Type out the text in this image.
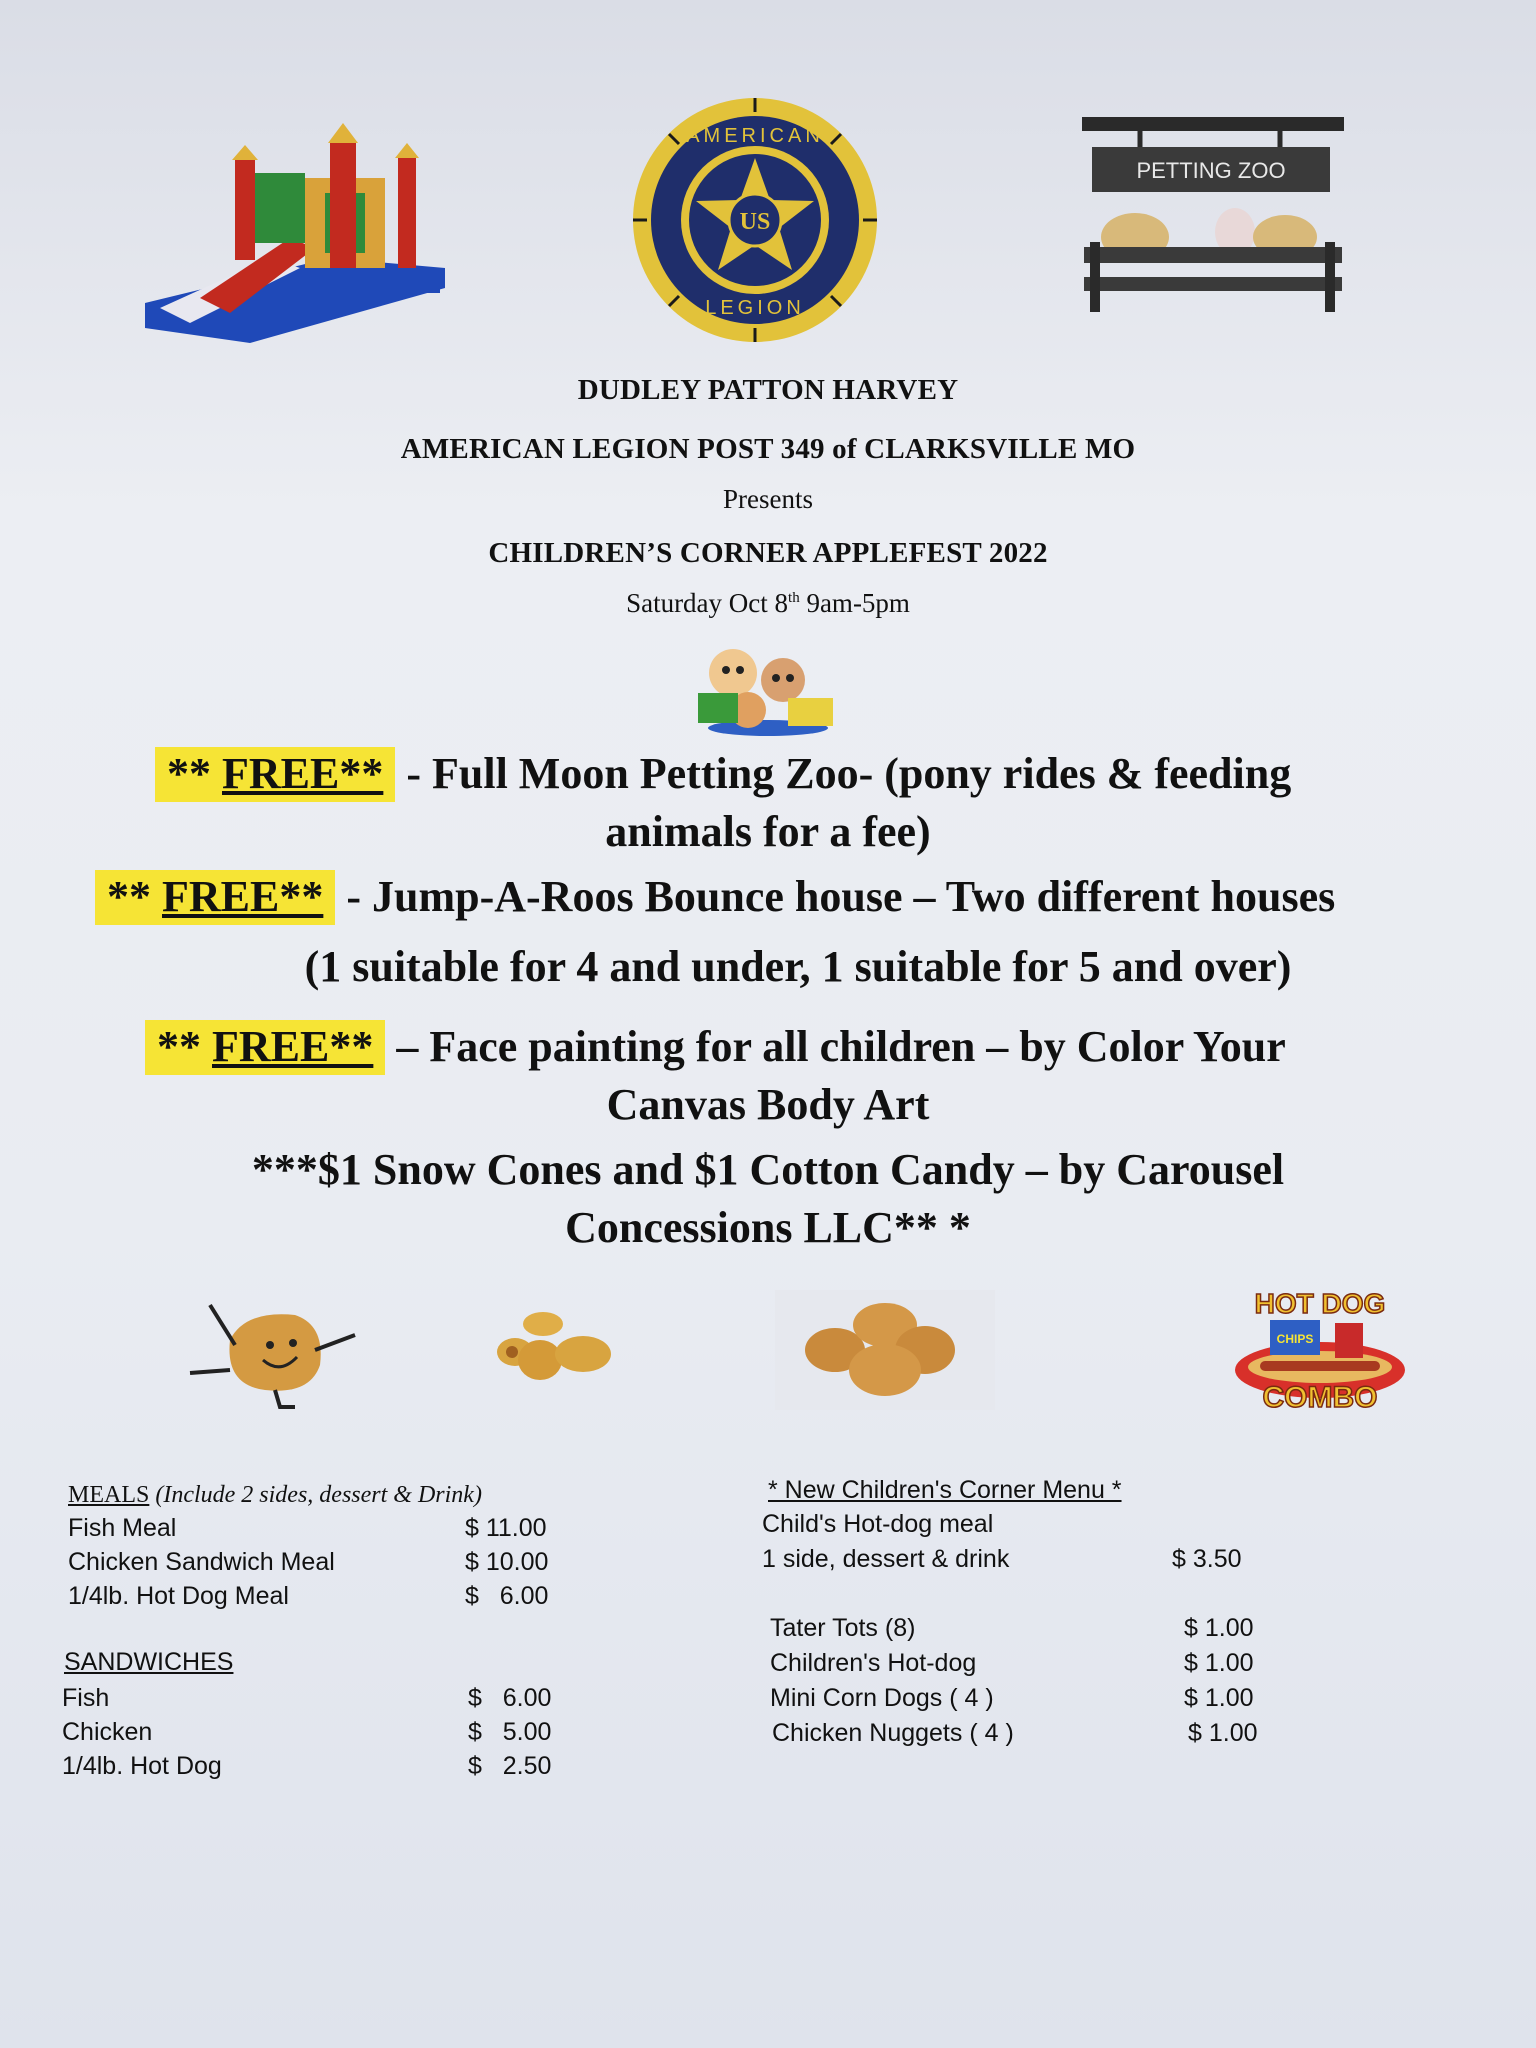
US
AMERICAN
LEGION
PETTING ZOO
DUDLEY PATTON HARVEY
AMERICAN LEGION POST 349 of CLARKSVILLE MO
Presents
CHILDREN’S CORNER APPLEFEST 2022
Saturday Oct 8th 9am-5pm
** FREE** - Full Moon Petting Zoo- (pony rides & feeding
animals for a fee)
** FREE** - Jump-A-Roos Bounce house – Two different houses
(1 suitable for 4 and under, 1 suitable for 5 and over)
** FREE** – Face painting for all children – by Color Your
Canvas Body Art
***$1 Snow Cones and $1 Cotton Candy – by Carousel
Concessions LLC** *
CHIPS
HOT DOG
COMBO
MEALS (Include 2 sides, dessert & Drink)
Fish Meal	$ 11.00
Chicken Sandwich Meal	$ 10.00
1/4lb. Hot Dog Meal	$   6.00
SANDWICHES
Fish	$   6.00
Chicken	$   5.00
1/4lb. Hot Dog	$   2.50
* New Children's Corner Menu *
Child's Hot-dog meal
1 side, dessert & drink	$ 3.50
Tater Tots (8)	$ 1.00
Children's Hot-dog	$ 1.00
Mini Corn Dogs ( 4 )	$ 1.00
Chicken Nuggets ( 4 )	$ 1.00
